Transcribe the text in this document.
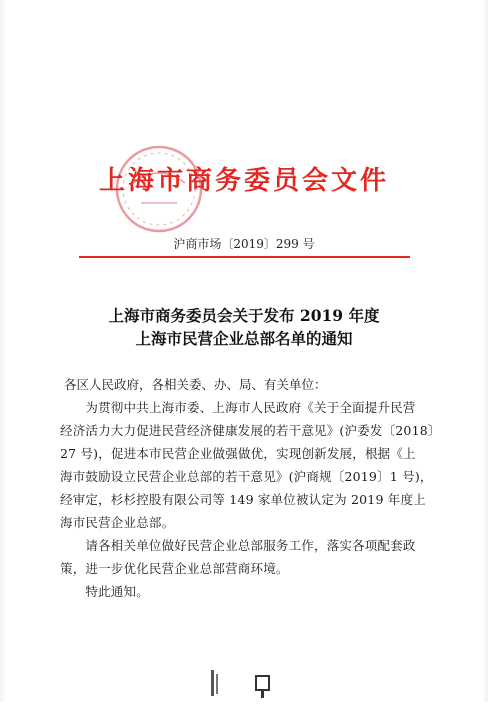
上海市商务委员会文件
沪商市场〔2019〕299 号
上海市商务委员会关于发布 2019 年度
上海市民营企业总部名单的通知
各区人民政府，各相关委、办、局、有关单位：
　　为贯彻中共上海市委、上海市人民政府《关于全面提升民营
经济活力大力促进民营经济健康发展的若干意见》(沪委发〔2018〕
27 号)，促进本市民营企业做强做优，实现创新发展，根据《上
海市鼓励设立民营企业总部的若干意见》(沪商规〔2019〕1 号)，
经审定，杉杉控股有限公司等 149 家单位被认定为 2019 年度上
海市民营企业总部。
　　请各相关单位做好民营企业总部服务工作，落实各项配套政
策，进一步优化民营企业总部营商环境。
　　特此通知。
